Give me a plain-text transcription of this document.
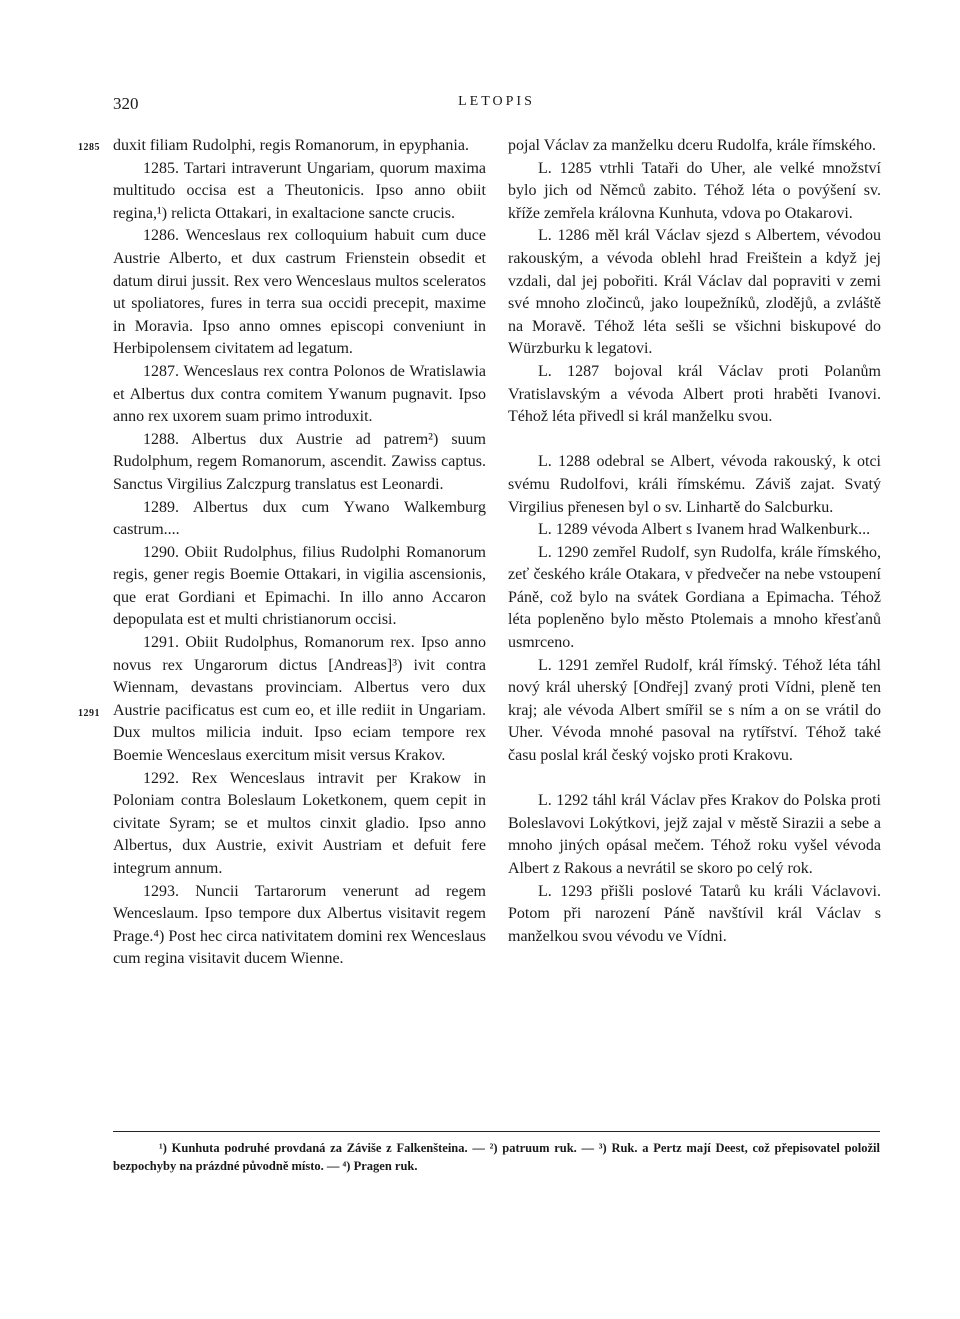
320	LETOPIS
1285
1291

duxit filiam Rudolphi, regis Romanorum, in epyphania.

1285. Tartari intraverunt Ungariam, quorum maxima multitudo occisa est a Theutonicis. Ipso anno obiit regina,¹) relicta Ottakari, in exaltacione sancte crucis.

1286. Wenceslaus rex colloquium habuit cum duce Austrie Alberto, et dux castrum Frienstein obsedit et datum dirui jussit. Rex vero Wenceslaus multos sceleratos ut spoliatores, fures in terra sua occidi precepit, maxime in Moravia. Ipso anno omnes episcopi conveniunt in Herbipolensem civitatem ad legatum.

1287. Wenceslaus rex contra Polonos de Wratislawia et Albertus dux contra comitem Ywanum pugnavit. Ipso anno rex uxorem suam primo introduxit.

1288. Albertus dux Austrie ad patrem²) suum Rudolphum, regem Romanorum, ascendit. Zawiss captus. Sanctus Virgilius Zalczpurg translatus est Leonardi.

1289. Albertus dux cum Ywano Walkemburg castrum....

1290. Obiit Rudolphus, filius Rudolphi Romanorum regis, gener regis Boemie Ottakari, in vigilia ascensionis, que erat Gordiani et Epimachi. In illo anno Accaron depopulata est et multi christianorum occisi.

1291. Obiit Rudolphus, Romanorum rex. Ipso anno novus rex Ungarorum dictus [Andreas]³) ivit contra Wiennam, devastans provinciam. Albertus vero dux Austrie pacificatus est cum eo, et ille rediit in Ungariam. Dux multos milicia induit. Ipso eciam tempore rex Boemie Wenceslaus exercitum misit versus Krakov.

1292. Rex Wenceslaus intravit per Krakow in Poloniam contra Boleslaum Loketkonem, quem cepit in civitate Syram; se et multos cinxit gladio. Ipso anno Albertus, dux Austrie, exivit Austriam et defuit fere integrum annum.

1293. Nuncii Tartarorum venerunt ad regem Wenceslaum. Ipso tempore dux Albertus visitavit regem Prage.⁴) Post hec circa nativitatem domini rex Wenceslaus cum regina visitavit ducem Wienne.

pojal Václav za manželku dceru Rudolfa, krále římského.

L. 1285 vtrhli Tataři do Uher, ale velké množství bylo jich od Němců zabito. Téhož léta o povýšení sv. kříže zemřela královna Kunhuta, vdova po Otakarovi.

L. 1286 měl král Václav sjezd s Albertem, vévodou rakouským, a vévoda oblehl hrad Freištein a když jej vzdali, dal jej pobořiti. Král Václav dal popraviti v zemi své mnoho zločinců, jako loupežníků, zlodějů, a zvláště na Moravě. Téhož léta sešli se všichni biskupové do Würzburku k legatovi.

L. 1287 bojoval král Václav proti Polanům Vratislavským a vévoda Albert proti hraběti Ivanovi. Téhož léta přivedl si král manželku svou.

L. 1288 odebral se Albert, vévoda rakouský, k otci svému Rudolfovi, králi římskému. Záviš zajat. Svatý Virgilius přenesen byl o sv. Linhartě do Salcburku.

L. 1289 vévoda Albert s Ivanem hrad Walkenburk...

L. 1290 zemřel Rudolf, syn Rudolfa, krále římského, zeť českého krále Otakara, v předvečer na nebe vstoupení Páně, což bylo na svátek Gordiana a Epimacha. Téhož léta popleněno bylo město Ptolemais a mnoho křesťanů usmrceno.

L. 1291 zemřel Rudolf, král římský. Téhož léta táhl nový král uherský [Ondřej] zvaný proti Vídni, pleně ten kraj; ale vévoda Albert smířil se s ním a on se vrátil do Uher. Vévoda mnohé pasoval na rytířství. Téhož také času poslal král český vojsko proti Krakovu.

L. 1292 táhl král Václav přes Krakov do Polska proti Boleslavovi Lokýtkovi, jejž zajal v městě Sirazii a sebe a mnoho jiných opásal mečem. Téhož roku vyšel vévoda Albert z Rakous a nevrátil se skoro po celý rok.

L. 1293 přišli poslové Tatarů ku králi Václavovi. Potom při narození Páně navštívil král Václav s manželkou svou vévodu ve Vídni.

¹) Kunhuta podruhé provdaná za Záviše z Falkenšteina. — ²) patruum ruk. — ³) Ruk. a Pertz mají Deest, což přepisovatel položil bezpochyby na prázdné původně místo. — ⁴) Pragen ruk.
